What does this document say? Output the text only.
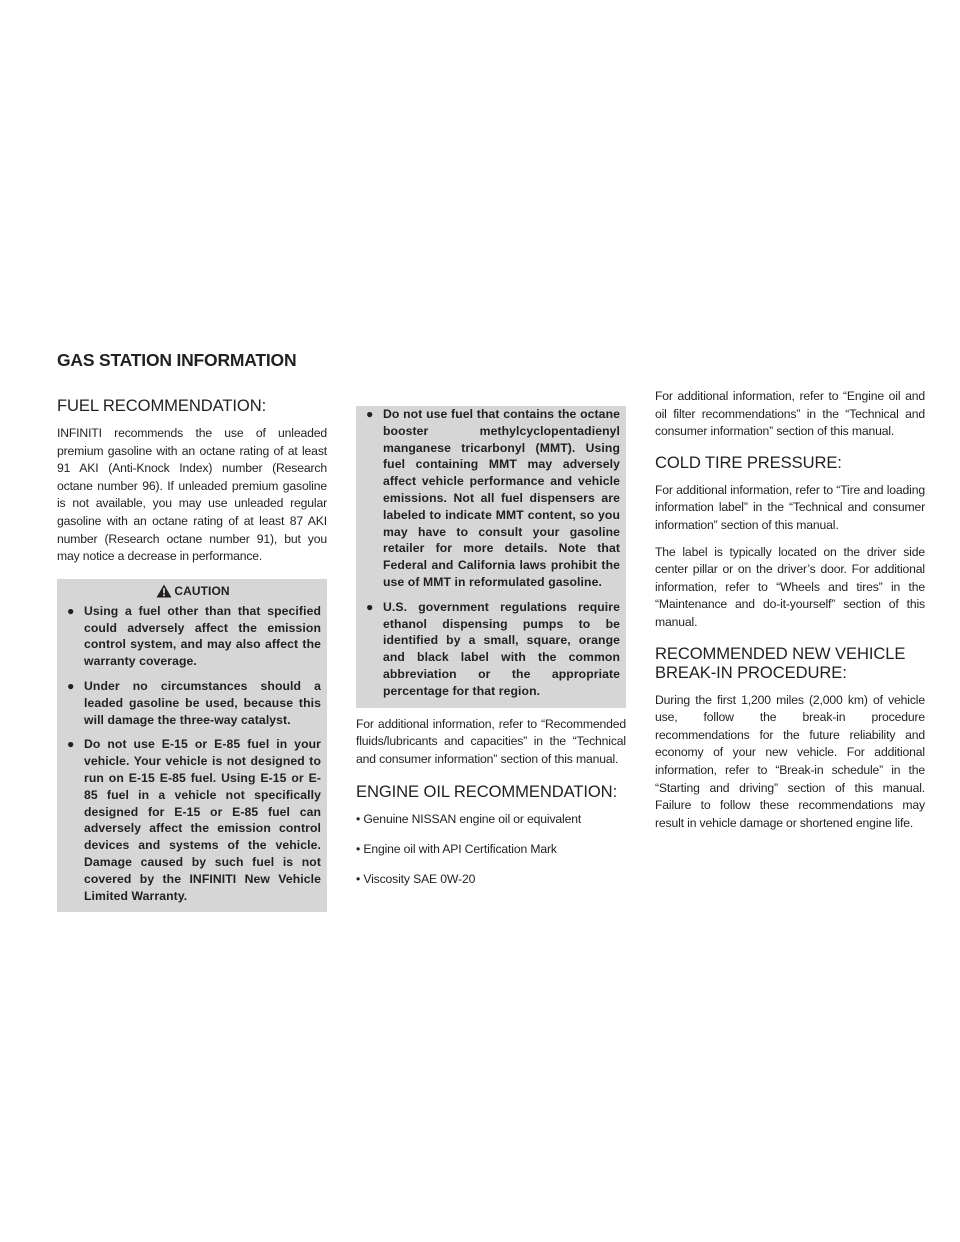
GAS STATION INFORMATION
FUEL RECOMMENDATION:

INFINITI recommends the use of unleaded premium gasoline with an octane rating of at least 91 AKI (Anti-Knock Index) number (Research octane number 96). If unleaded premium gasoline is not available, you may use unleaded regular gasoline with an octane rating of at least 87 AKI number (Research octane number 91), but you may notice a decrease in performance.

CAUTION
● Using a fuel other than that specified could adversely affect the emission control system, and may also affect the warranty coverage.
● Under no circumstances should a leaded gasoline be used, because this will damage the three-way catalyst.
● Do not use E-15 or E-85 fuel in your vehicle. Your vehicle is not designed to run on E-15 E-85 fuel. Using E-15 or E-85 fuel in a vehicle not specifically designed for E-15 or E-85 fuel can adversely affect the emission control devices and systems of the vehicle. Damage caused by such fuel is not covered by the INFINITI New Vehicle Limited Warranty.
● Do not use fuel that contains the octane booster methylcyclopentadienyl manganese tricarbonyl (MMT). Using fuel containing MMT may adversely affect vehicle performance and vehicle emissions. Not all fuel dispensers are labeled to indicate MMT content, so you may have to consult your gasoline retailer for more details. Note that Federal and California laws prohibit the use of MMT in reformulated gasoline.
● U.S. government regulations require ethanol dispensing pumps to be identified by a small, square, orange and black label with the common abbreviation or the appropriate percentage for that region.

For additional information, refer to “Recommended fluids/lubricants and capacities” in the “Technical and consumer information” section of this manual.

ENGINE OIL RECOMMENDATION:

• Genuine NISSAN engine oil or equivalent

• Engine oil with API Certification Mark

• Viscosity SAE 0W-20

For additional information, refer to “Engine oil and oil filter recommendations” in the “Technical and consumer information” section of this manual.

COLD TIRE PRESSURE:

For additional information, refer to “Tire and loading information label” in the “Technical and consumer information” section of this manual.

The label is typically located on the driver side center pillar or on the driver’s door. For additional information, refer to “Wheels and tires” in the “Maintenance and do-it-yourself” section of this manual.

RECOMMENDED NEW VEHICLE
BREAK-IN PROCEDURE:

During the first 1,200 miles (2,000 km) of vehicle use, follow the break-in procedure recommendations for the future reliability and economy of your new vehicle. For additional information, refer to “Break-in schedule” in the “Starting and driving” section of this manual. Failure to follow these recommendations may result in vehicle damage or shortened engine life.
